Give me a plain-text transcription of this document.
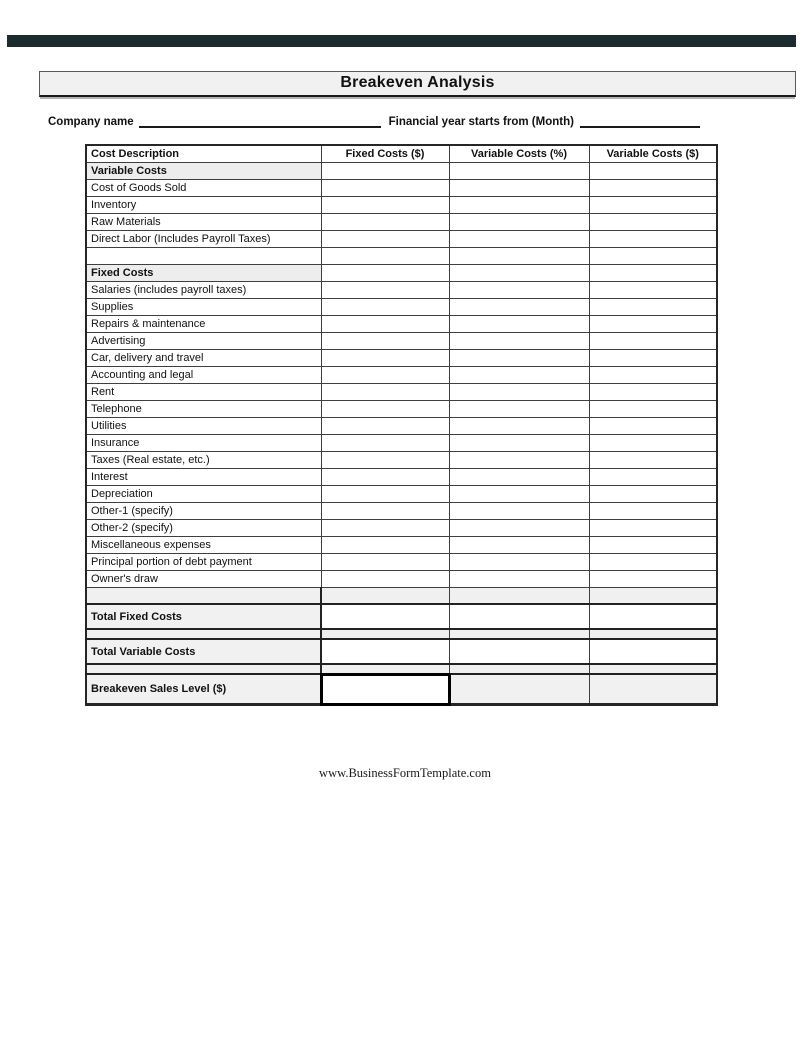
Breakeven Analysis
Company name	Financial year starts from (Month)
Cost Description	Fixed Costs ($)	Variable Costs (%)	Variable Costs ($)
Variable Costs			
Cost of Goods Sold			
Inventory			
Raw Materials			
Direct Labor (Includes Payroll Taxes)			

Fixed Costs			
Salaries (includes payroll taxes)			
Supplies			
Repairs & maintenance			
Advertising			
Car, delivery and travel			
Accounting and legal			
Rent			
Telephone			
Utilities			
Insurance			
Taxes (Real estate, etc.)			
Interest			
Depreciation			
Other-1 (specify)			
Other-2 (specify)			
Miscellaneous expenses			
Principal portion of debt payment			
Owner's draw			

Total Fixed Costs			

Total Variable Costs			

Breakeven Sales Level ($)			
www.BusinessFormTemplate.com
